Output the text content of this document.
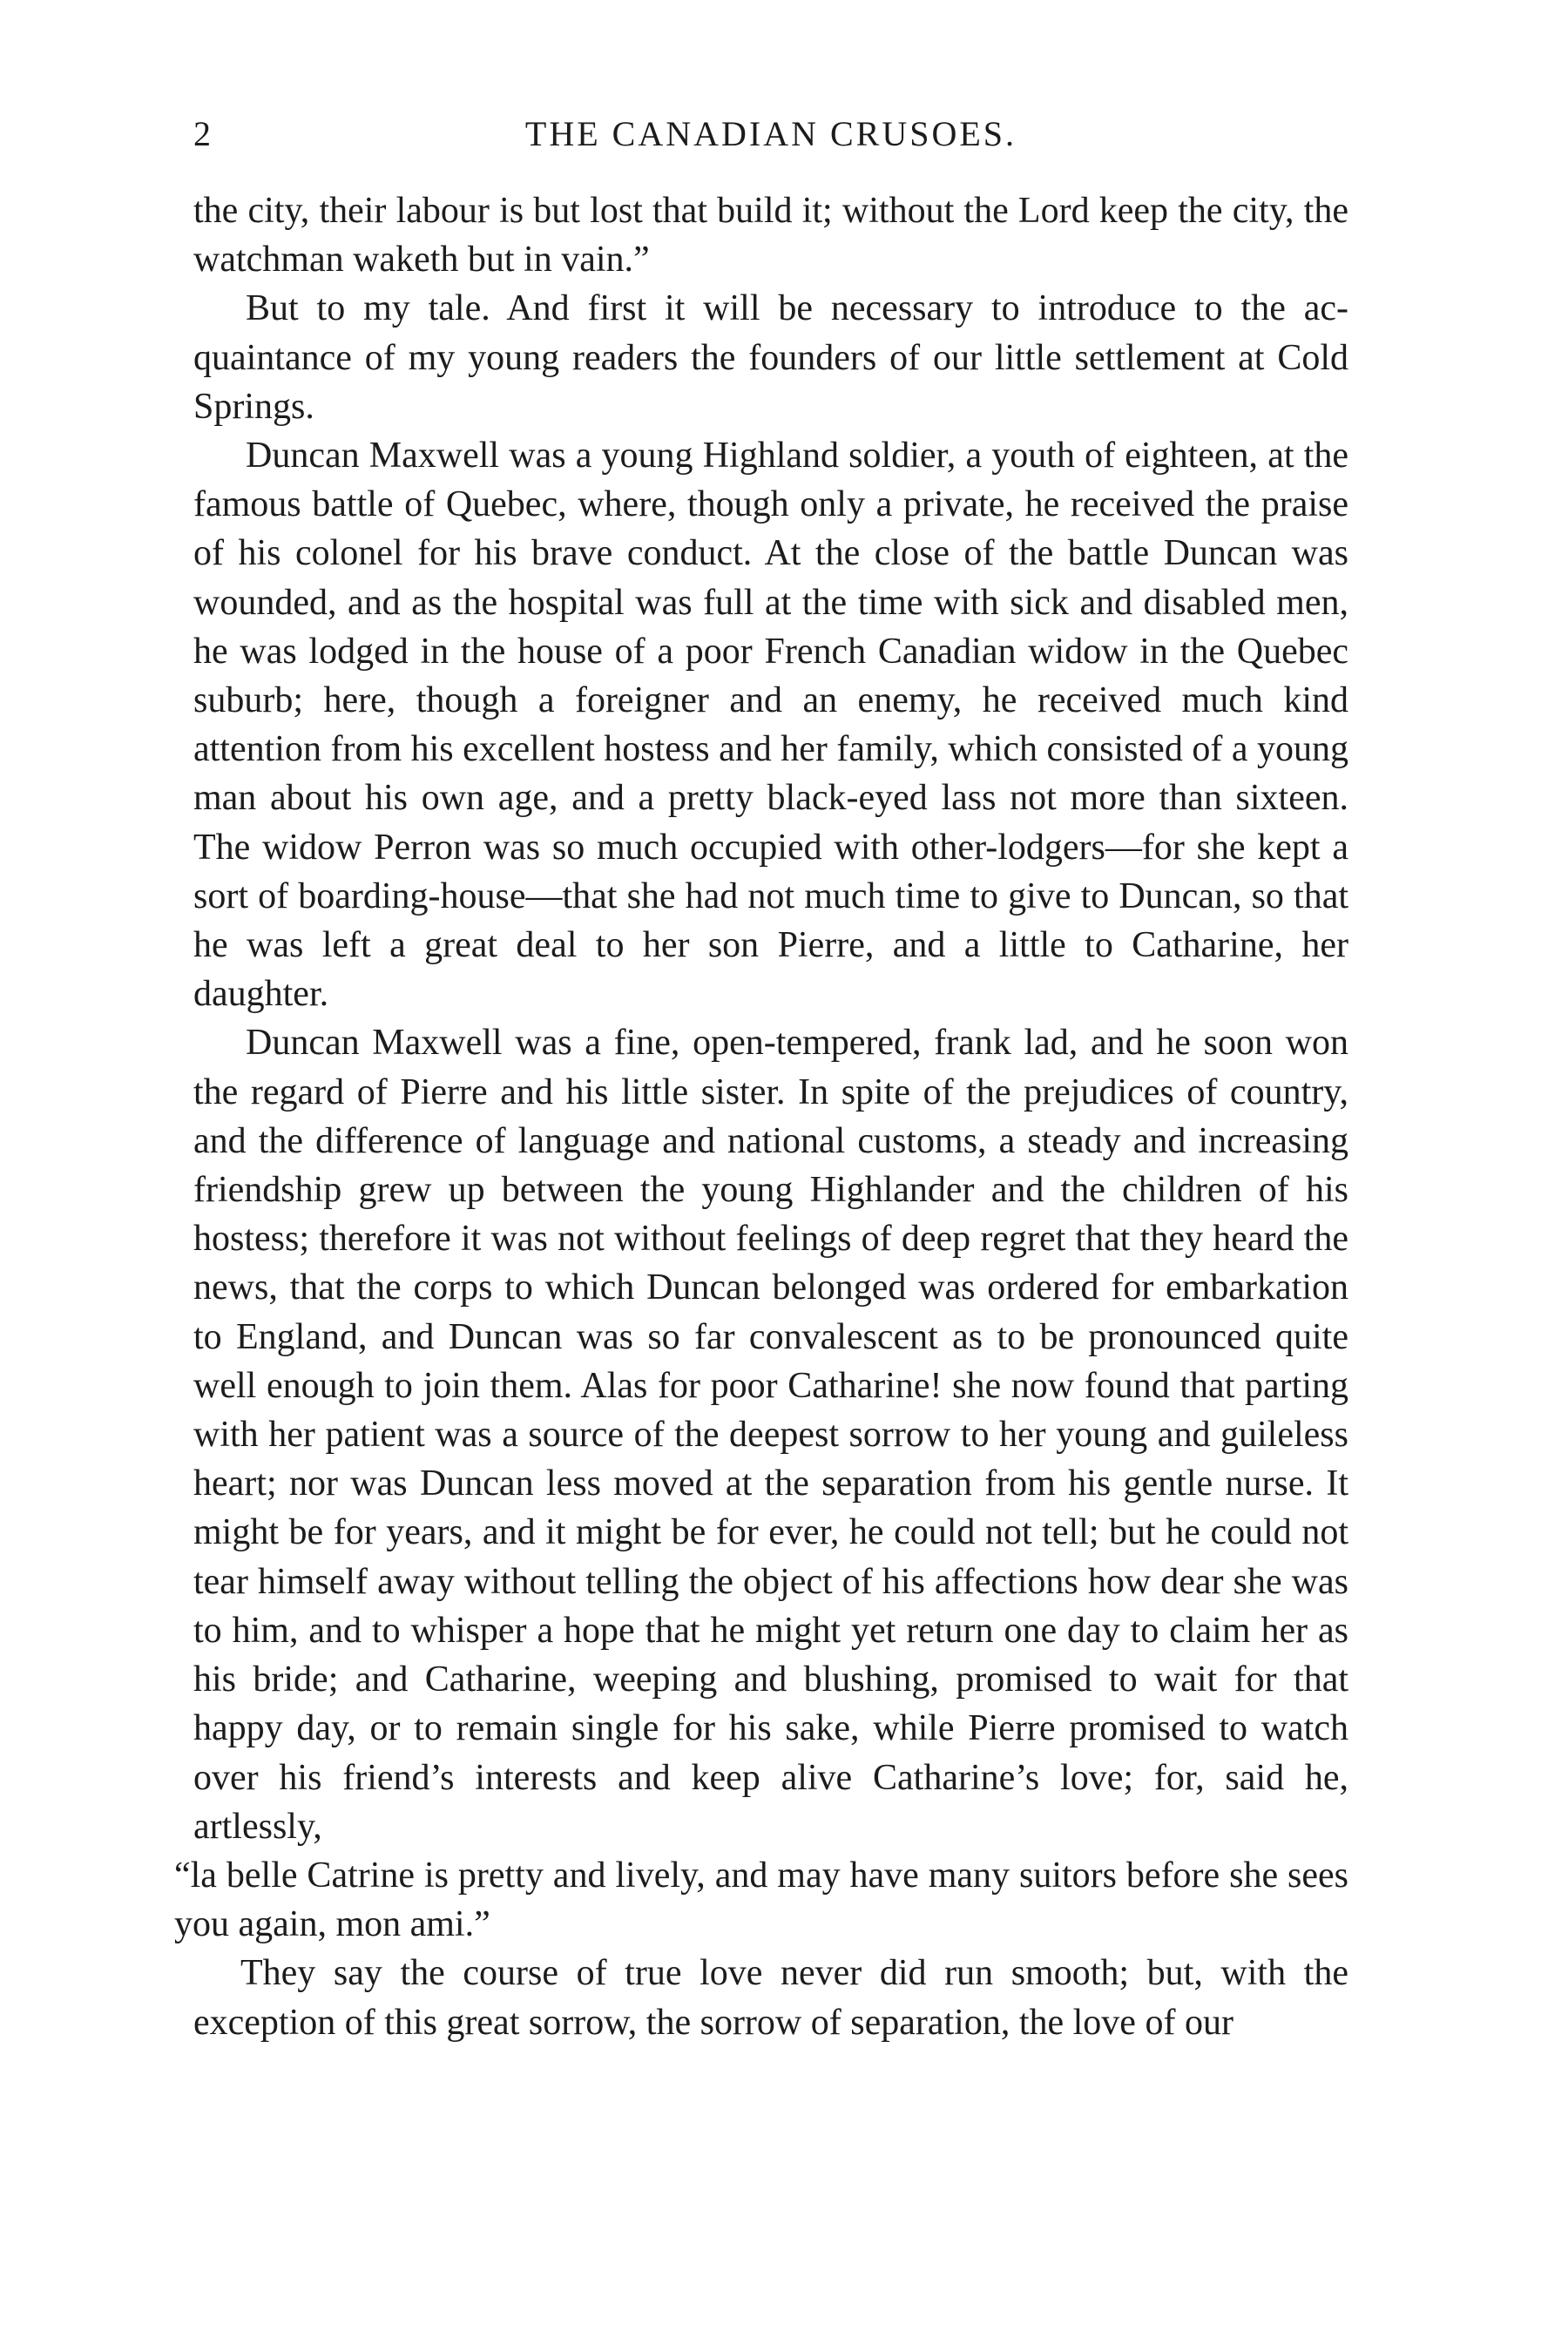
2	THE CANADIAN CRUSOES.

the city, their labour is but lost that build it; without the Lord keep the city, the watchman waketh but in vain.”

But to my tale. And first it will be necessary to introduce to the acquaintance of my young readers the founders of our little settlement at Cold Springs.

Duncan Maxwell was a young Highland soldier, a youth of eighteen, at the famous battle of Quebec, where, though only a private, he received the praise of his colonel for his brave conduct. At the close of the battle Duncan was wounded, and as the hospital was full at the time with sick and disabled men, he was lodged in the house of a poor French Canadian widow in the Quebec suburb; here, though a foreigner and an enemy, he received much kind attention from his excellent hostess and her family, which consisted of a young man about his own age, and a pretty black-eyed lass not more than sixteen. The widow Perron was so much occupied with other-lodgers—for she kept a sort of boarding-house—that she had not much time to give to Duncan, so that he was left a great deal to her son Pierre, and a little to Catharine, her daughter.

Duncan Maxwell was a fine, open-tempered, frank lad, and he soon won the regard of Pierre and his little sister. In spite of the prejudices of country, and the difference of language and national customs, a steady and increasing friendship grew up between the young Highlander and the children of his hostess; therefore it was not without feelings of deep regret that they heard the news, that the corps to which Duncan belonged was ordered for embarkation to England, and Duncan was so far convalescent as to be pronounced quite well enough to join them. Alas for poor Catharine! she now found that parting with her patient was a source of the deepest sorrow to her young and guileless heart; nor was Duncan less moved at the separation from his gentle nurse. It might be for years, and it might be for ever, he could not tell; but he could not tear himself away without telling the object of his affections how dear she was to him, and to whisper a hope that he might yet return one day to claim her as his bride; and Catharine, weeping and blushing, promised to wait for that happy day, or to remain single for his sake, while Pierre promised to watch over his friend’s interests and keep alive Catharine’s love; for, said he, artlessly,

“la belle Catrine is pretty and lively, and may have many suitors before she sees you again, mon ami.”

They say the course of true love never did run smooth; but, with the exception of this great sorrow, the sorrow of separation, the love of our
